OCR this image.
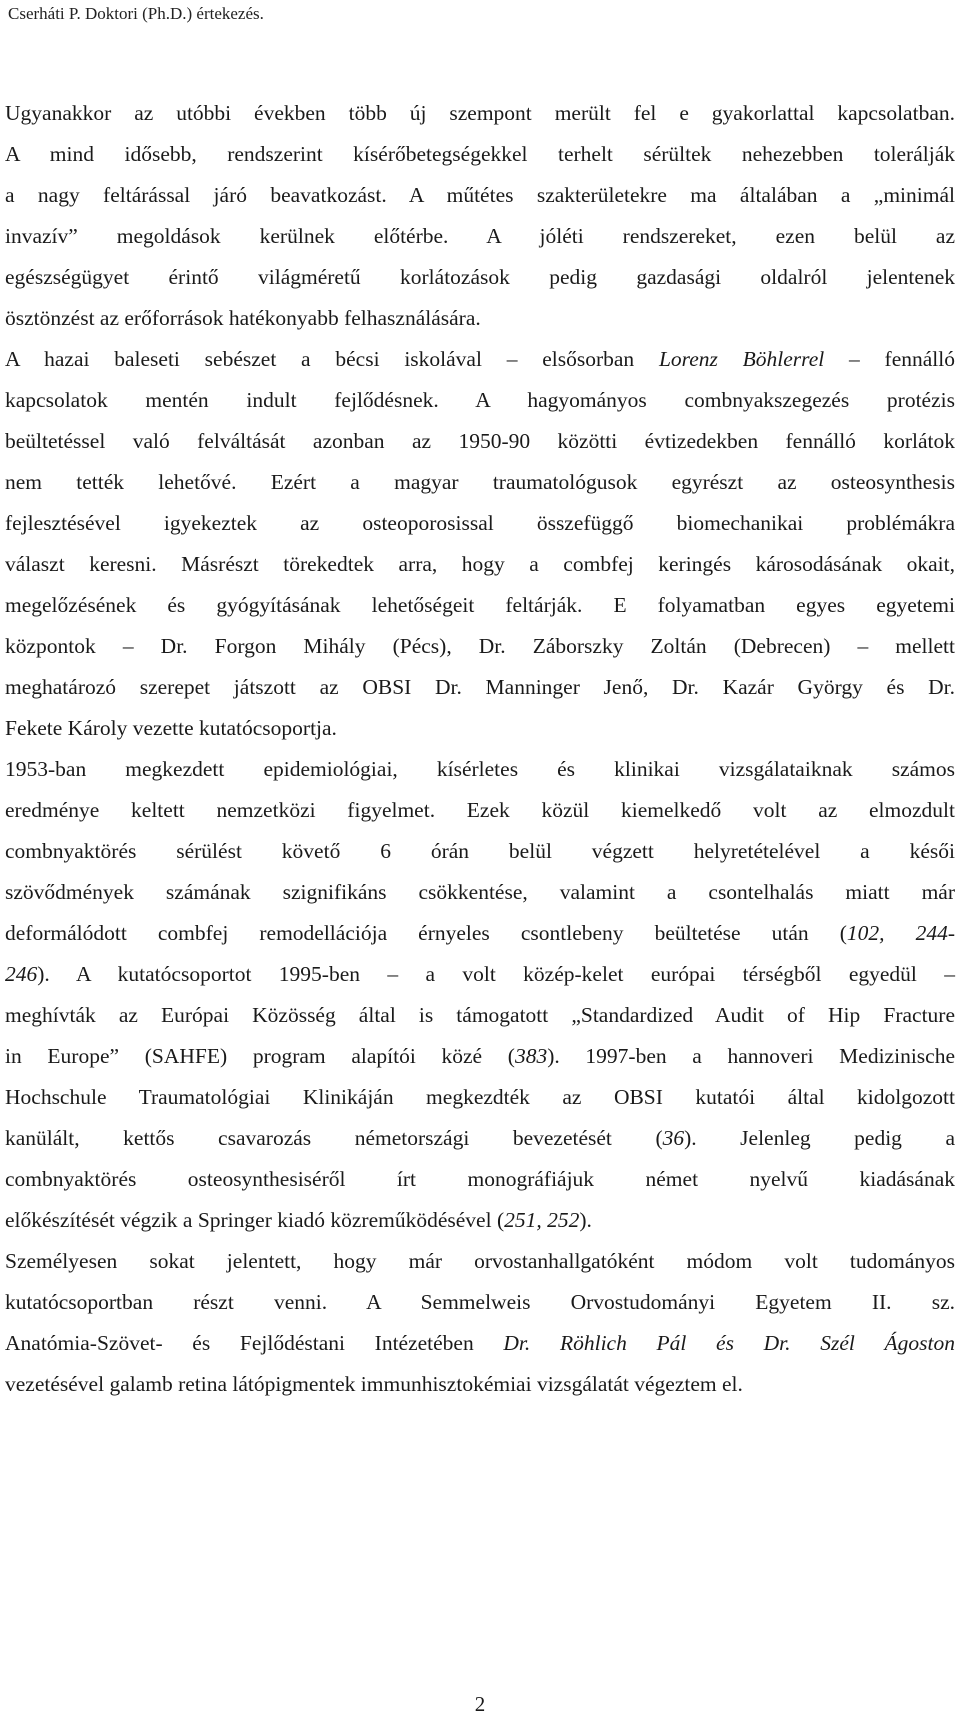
Cserháti P. Doktori (Ph.D.) értekezés.
Ugyanakkor az utóbbi években több új szempont merült fel e gyakorlattal kapcsolatban.
A mind idősebb, rendszerint kísérőbetegségekkel terhelt sérültek nehezebben tolerálják
a nagy feltárással járó beavatkozást. A műtétes szakterületekre ma általában a „minimál
invazív” megoldások kerülnek előtérbe. A jóléti rendszereket, ezen belül az
egészségügyet érintő világméretű korlátozások pedig gazdasági oldalról jelentenek
ösztönzést az erőforrások hatékonyabb felhasználására.
A hazai baleseti sebészet a bécsi iskolával – elsősorban Lorenz Böhlerrel – fennálló
kapcsolatok mentén indult fejlődésnek. A hagyományos combnyakszegezés protézis
beültetéssel való felváltását azonban az 1950-90 közötti évtizedekben fennálló korlátok
nem tették lehetővé. Ezért a magyar traumatológusok egyrészt az osteosynthesis
fejlesztésével igyekeztek az osteoporosissal összefüggő biomechanikai problémákra
választ keresni. Másrészt törekedtek arra, hogy a combfej keringés károsodásának okait,
megelőzésének és gyógyításának lehetőségeit feltárják. E folyamatban egyes egyetemi
központok – Dr. Forgon Mihály (Pécs), Dr. Záborszky Zoltán (Debrecen) – mellett
meghatározó szerepet játszott az OBSI Dr. Manninger Jenő, Dr. Kazár György és Dr.
Fekete Károly vezette kutatócsoportja.
1953-ban megkezdett epidemiológiai, kísérletes és klinikai vizsgálataiknak számos
eredménye keltett nemzetközi figyelmet. Ezek közül kiemelkedő volt az elmozdult
combnyaktörés sérülést követő 6 órán belül végzett helyretételével a késői
szövődmények számának szignifikáns csökkentése, valamint a csontelhalás miatt már
deformálódott combfej remodellációja érnyeles csontlebeny beültetése után (102, 244-
246). A kutatócsoportot 1995-ben – a volt közép-kelet európai térségből egyedül –
meghívták az Európai Közösség által is támogatott „Standardized Audit of Hip Fracture
in Europe” (SAHFE) program alapítói közé (383). 1997-ben a hannoveri Medizinische
Hochschule Traumatológiai Klinikáján megkezdték az OBSI kutatói által kidolgozott
kanülált, kettős csavarozás németországi bevezetését (36). Jelenleg pedig a
combnyaktörés osteosynthesiséről írt monográfiájuk német nyelvű kiadásának
előkészítését végzik a Springer kiadó közreműködésével (251, 252).
Személyesen sokat jelentett, hogy már orvostanhallgatóként módom volt tudományos
kutatócsoportban részt venni. A Semmelweis Orvostudományi Egyetem II. sz.
Anatómia-Szövet- és Fejlődéstani Intézetében Dr. Röhlich Pál és Dr. Szél Ágoston
vezetésével galamb retina látópigmentek immunhisztokémiai vizsgálatát végeztem el.
2
